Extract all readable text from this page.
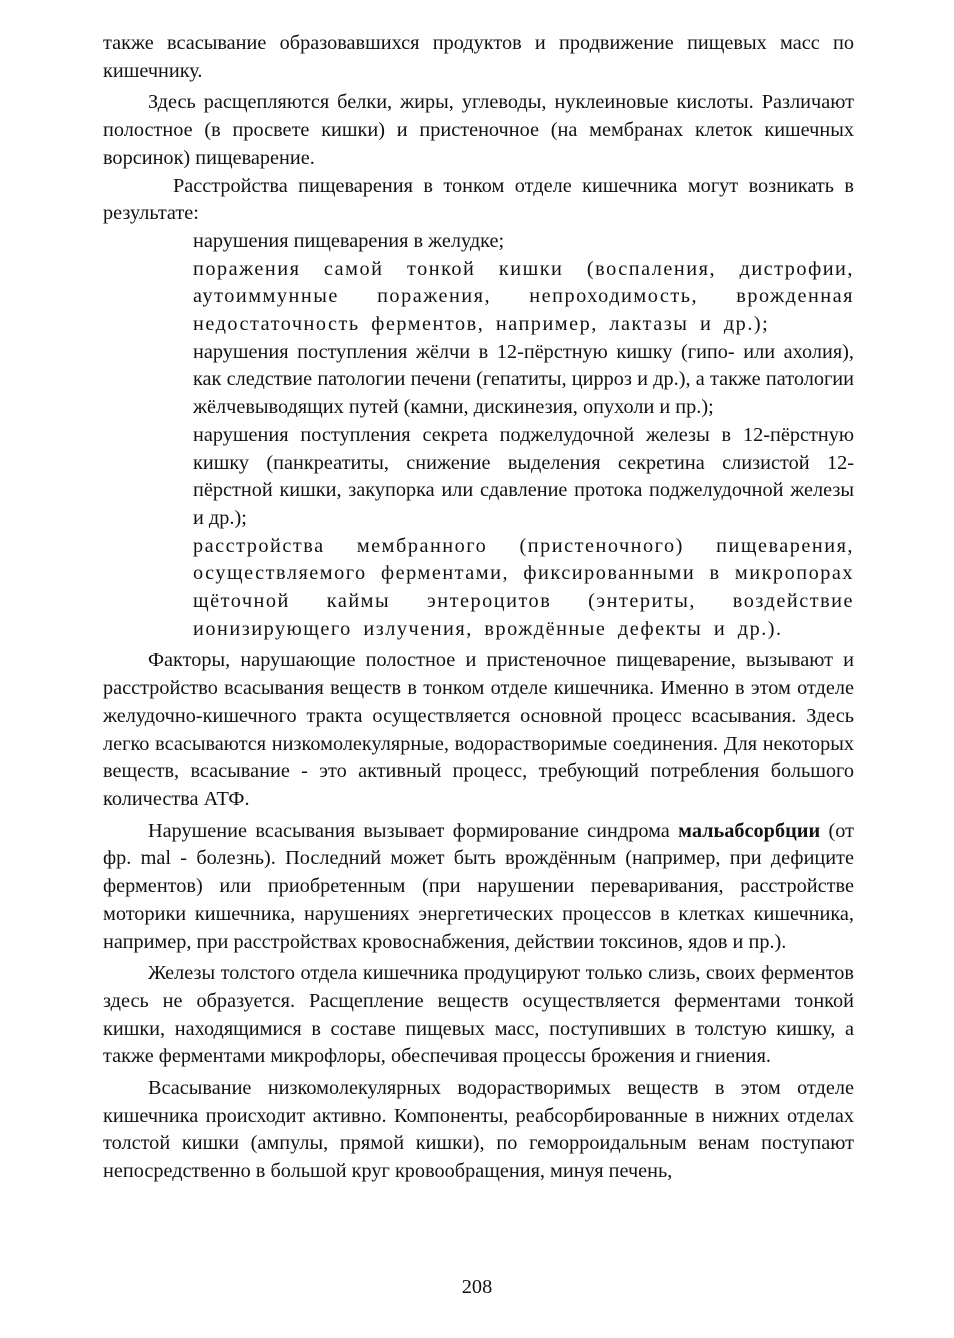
также всасывание образовавшихся продуктов и продвижение пищевых масс по кишечнику.

Здесь расщепляются белки, жиры, углеводы, нуклеиновые кислоты. Различают полостное (в просвете кишки) и пристеночное (на мембранах клеток кишечных ворсинок) пищеварение.

Расстройства пищеварения в тонком отделе кишечника могут возникать в результате:

нарушения пищеварения в желудке;
поражения самой тонкой кишки (воспаления, дистрофии, аутоиммунные поражения, непроходимость, врожденная недостаточность ферментов, например, лактазы и др.);
нарушения поступления жёлчи в 12-пёрстную кишку (гипо- или ахолия), как следствие патологии печени (гепатиты, цирроз и др.), а также патологии жёлчевыводящих путей (камни, дискинезия, опухоли и пр.);
нарушения поступления секрета поджелудочной железы в 12-пёрстную кишку (панкреатиты, снижение выделения секретина слизистой 12-пёрстной кишки, закупорка или сдавление протока поджелудочной железы и др.);
расстройства мембранного (пристеночного) пищеварения, осуществляемого ферментами, фиксированными в микропорах щёточной каймы энтероцитов (энтериты, воздействие ионизирующего излучения, врождённые дефекты и др.).

Факторы, нарушающие полостное и пристеночное пищеварение, вызывают и расстройство всасывания веществ в тонком отделе кишечника. Именно в этом отделе желудочно-кишечного тракта осуществляется основной процесс всасывания. Здесь легко всасываются низкомолекулярные, водорастворимые соединения. Для некоторых веществ, всасывание - это активный процесс, требующий потребления большого количества АТФ.

Нарушение всасывания вызывает формирование синдрома мальабсорбции (от фр. mal - болезнь). Последний может быть врождённым (например, при дефиците ферментов) или приобретенным (при нарушении переваривания, расстройстве моторики кишечника, нарушениях энергетических процессов в клетках кишечника, например, при расстройствах кровоснабжения, действии токсинов, ядов и пр.).

Железы толстого отдела кишечника продуцируют только слизь, своих ферментов здесь не образуется. Расщепление веществ осуществляется ферментами тонкой кишки, находящимися в составе пищевых масс, поступивших в толстую кишку, а также ферментами микрофлоры, обеспечивая процессы брожения и гниения.

Всасывание низкомолекулярных водорастворимых веществ в этом отделе кишечника происходит активно. Компоненты, реабсорбированные в нижних отделах толстой кишки (ампулы, прямой кишки), по геморроидальным венам поступают непосредственно в большой круг кровообращения, минуя печень,

208
